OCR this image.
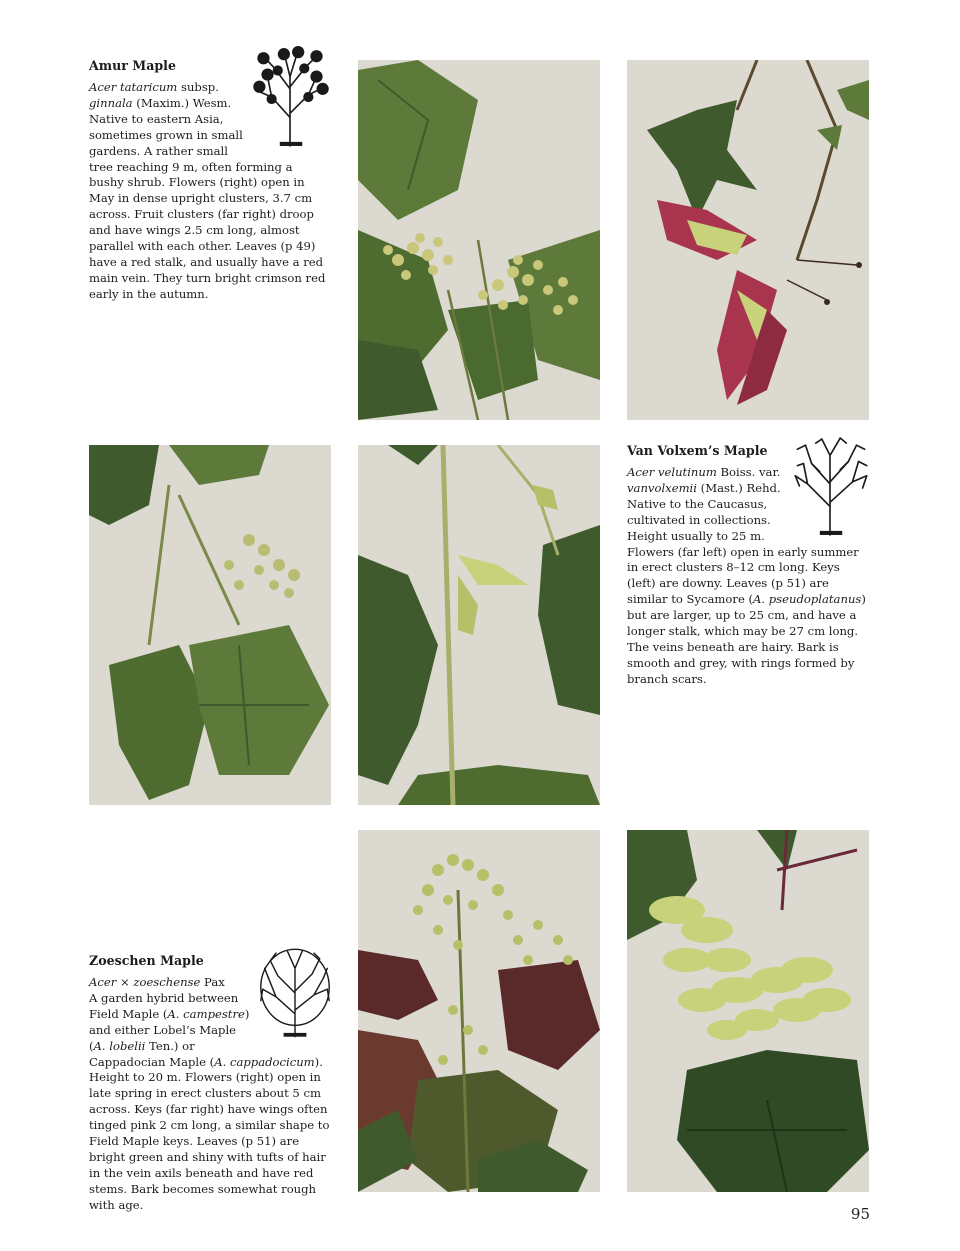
Amur Maple

Acer tataricum subsp. ginnala (Maxim.) Wesm.
Native to eastern Asia, sometimes grown in small gardens. A rather small tree reaching 9 m, often forming a bushy shrub. Flowers (right) open in May in dense upright clusters, 3.7 cm across. Fruit clusters (far right) droop and have wings 2.5 cm long, almost parallel with each other. Leaves (p 49) have a red stalk, and usually have a red main vein. They turn bright crimson red early in the autumn.

Van Volxem’s Maple

Acer velutinum Boiss. var. vanvolxemii (Mast.) Rehd.
Native to the Caucasus, cultivated in collections. Height usually to 25 m. Flowers (far left) open in early summer in erect clusters 8–12 cm long. Keys (left) are downy. Leaves (p 51) are similar to Sycamore (A. pseudoplatanus) but are larger, up to 25 cm, and have a longer stalk, which may be 27 cm long. The veins beneath are hairy. Bark is smooth and grey, with rings formed by branch scars.

Zoeschen Maple

Acer × zoeschense Pax
A garden hybrid between Field Maple (A. campestre) and either Lobel’s Maple (A. lobelii Ten.) or Cappadocian Maple (A. cappadocicum). Height to 20 m. Flowers (right) open in late spring in erect clusters about 5 cm across. Keys (far right) have wings often tinged pink 2 cm long, a similar shape to Field Maple keys. Leaves (p 51) are bright green and shiny with tufts of hair in the vein axils beneath and have red stems. Bark becomes somewhat rough with age.

95
